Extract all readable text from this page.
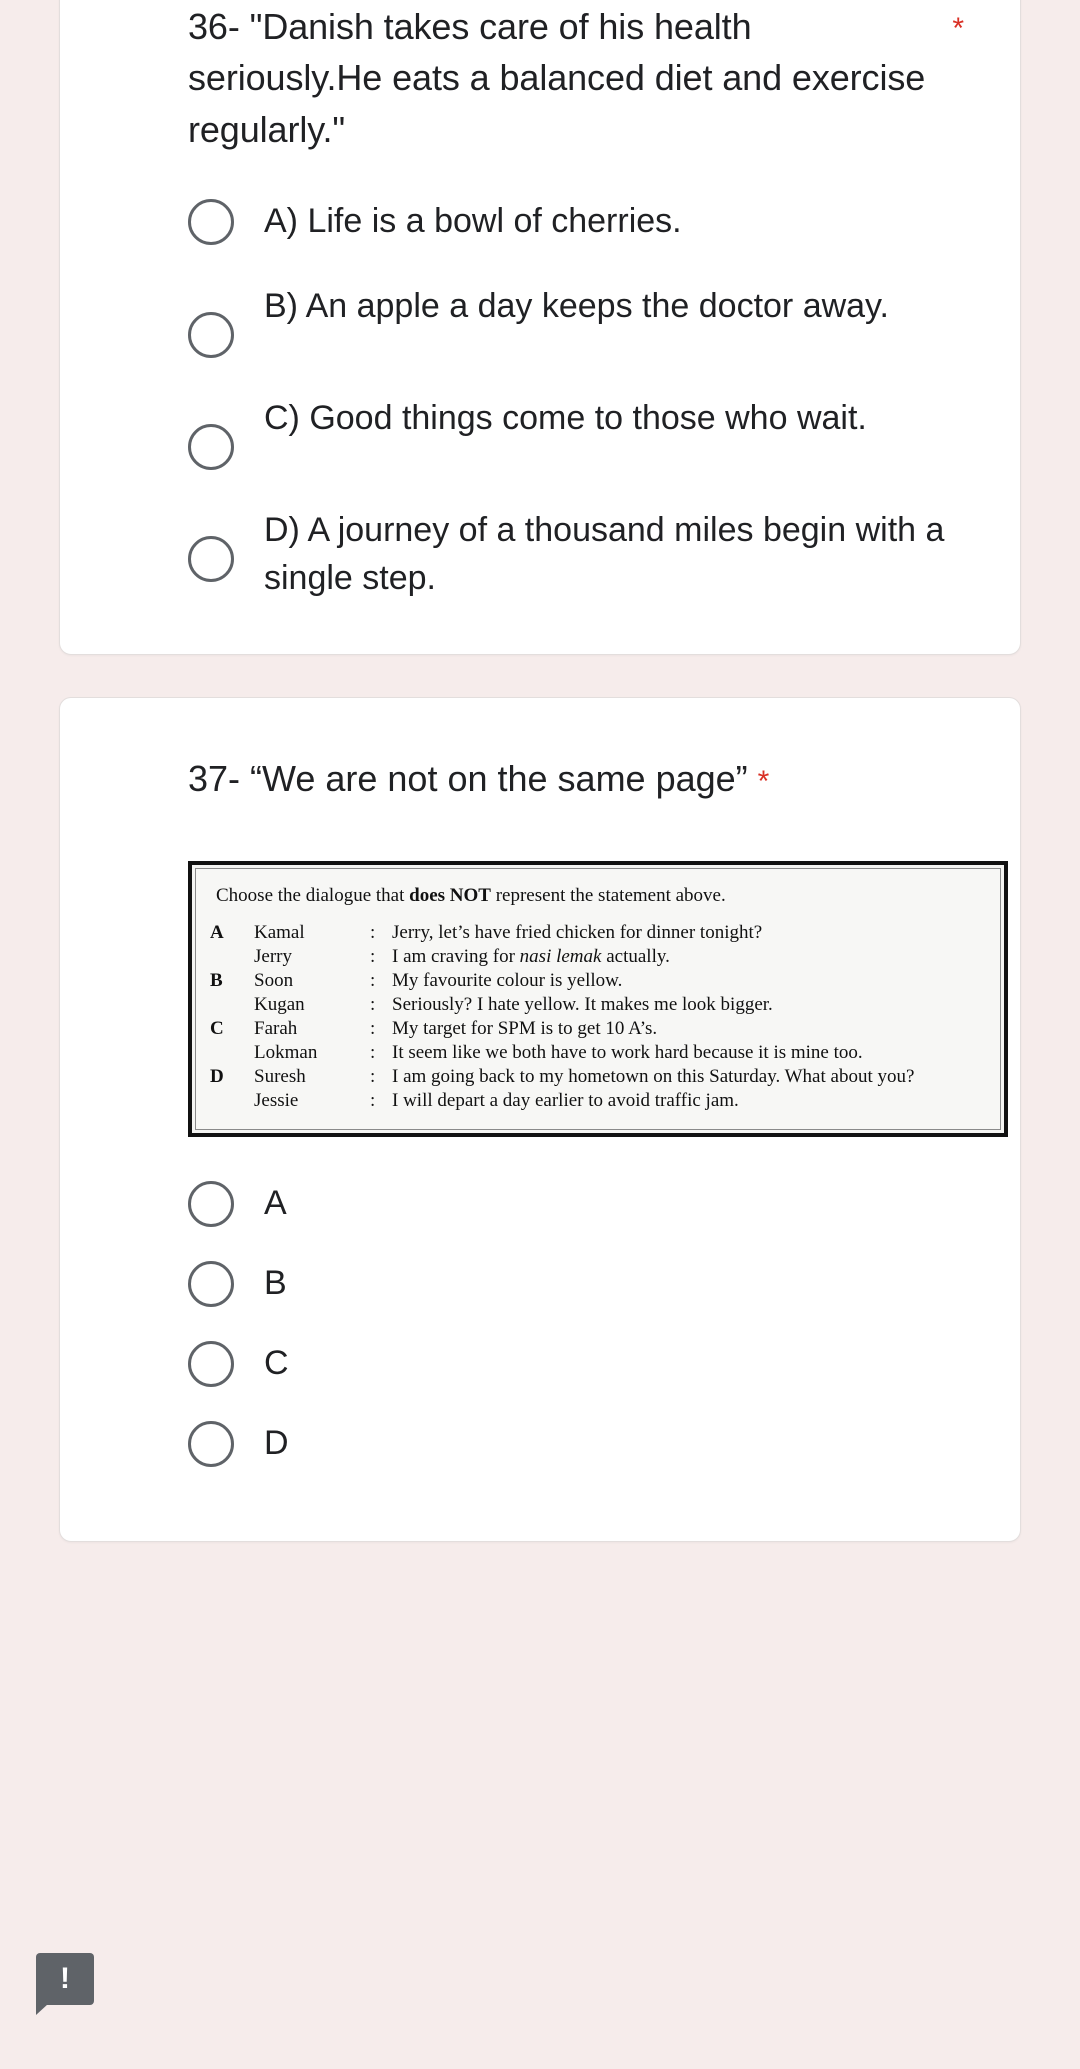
36- "Danish takes care of his health seriously.He eats a balanced diet and exercise regularly."
*
A) Life is a bowl of cherries.
B) An apple a day keeps the doctor away.
C) Good things come to those who wait.
D) A journey of a thousand miles begin with a single step.
37- “We are not on the same page” *
Choose the dialogue that does NOT represent the statement above.
A	Kamal	:	Jerry, let’s have fried chicken for dinner tonight?
	Jerry	:	I am craving for nasi lemak actually.
B	Soon	:	My favourite colour is yellow.
	Kugan	:	Seriously? I hate yellow. It makes me look bigger.
C	Farah	:	My target for SPM is to get 10 A’s.
	Lokman	:	It seem like we both have to work hard because it is mine too.
D	Suresh	:	I am going back to my hometown on this Saturday. What about you?
	Jessie	:	I will depart a day earlier to avoid traffic jam.
A
B
C
D
!
